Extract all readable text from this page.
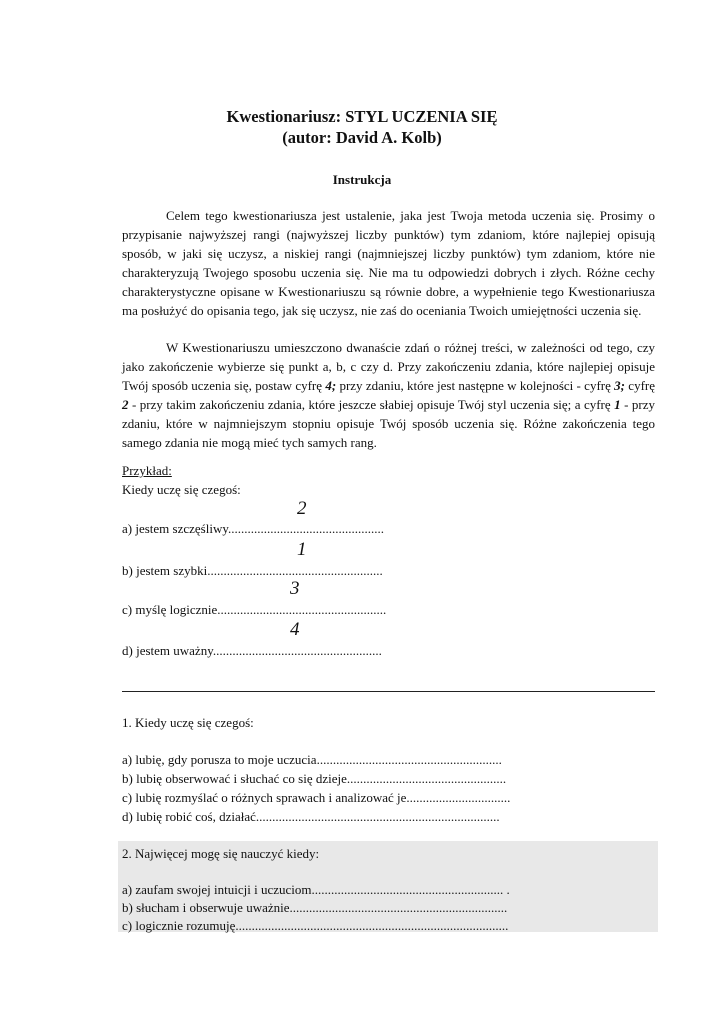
Kwestionariusz: STYL UCZENIA SIĘ
(autor: David A. Kolb)
Instrukcja

Celem tego kwestionariusza jest ustalenie, jaka jest Twoja metoda uczenia się. Prosimy o przypisanie najwyższej rangi (najwyższej liczby punktów) tym zdaniom, które najlepiej opisują sposób, w jaki się uczysz, a niskiej rangi (najmniejszej liczby punktów) tym zdaniom, które nie charakteryzują Twojego sposobu uczenia się. Nie ma tu odpowiedzi dobrych i złych. Różne cechy charakterystyczne opisane w Kwestionariuszu są równie dobre, a wypełnienie tego Kwestionariusza ma posłużyć do opisania tego, jak się uczysz, nie zaś do oceniania Twoich umiejętności uczenia się.

W Kwestionariuszu umieszczono dwanaście zdań o różnej treści, w zależności od tego, czy jako zakończenie wybierze się punkt a, b, c czy d. Przy zakończeniu zdania, które najlepiej opisuje Twój sposób uczenia się, postaw cyfrę 4; przy zdaniu, które jest następne w kolejności - cyfrę 3; cyfrę 2 - przy takim zakończeniu zdania, które jeszcze słabiej opisuje Twój styl uczenia się; a cyfrę 1 - przy zdaniu, które w najmniejszym stopniu opisuje Twój sposób uczenia się. Różne zakończenia tego samego zdania nie mogą mieć tych samych rang.

Przykład:
Kiedy uczę się czegoś:
2
a) jestem szczęśliwy................................................
1
b) jestem szybki......................................................
3
c) myślę logicznie....................................................
4
d) jestem uważny....................................................
1. Kiedy uczę się czegoś:
a) lubię, gdy porusza to moje uczucia.........................................................
b) lubię obserwować i słuchać co się dzieje.................................................
c) lubię rozmyślać o różnych sprawach i analizować je................................
d) lubię robić coś, działać...........................................................................
2. Najwięcej mogę się nauczyć kiedy:
a) zaufam swojej intuicji i uczuciom........................................................... .
b) słucham i obserwuje uważnie...................................................................
c) logicznie rozumuję....................................................................................
